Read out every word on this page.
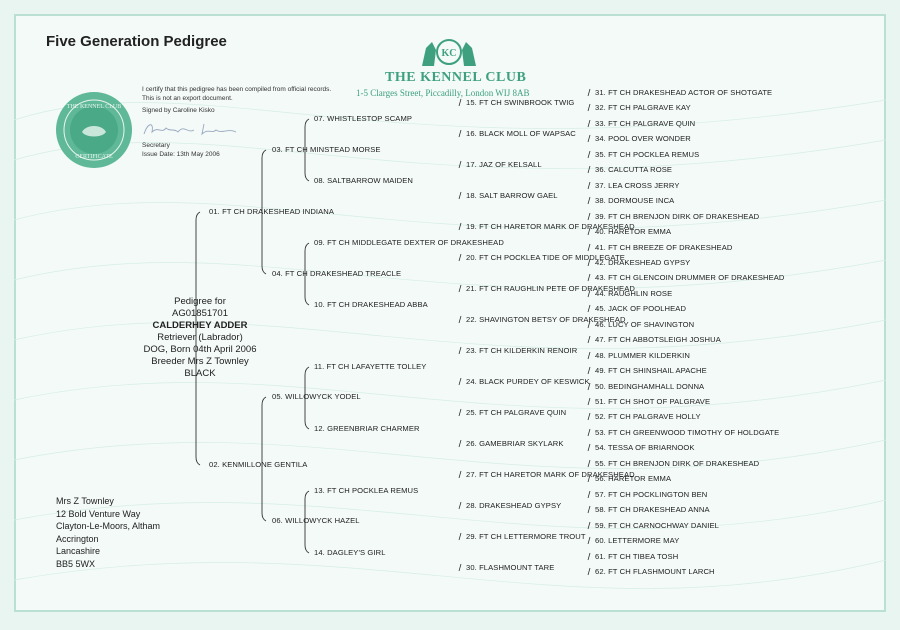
THE KENNEL CLUB
CERTIFICATE
KC
Five Generation Pedigree
THE KENNEL CLUB
1-5 Clarges Street, Piccadilly, London WIJ 8AB
I certify that this pedigree has been compiled from official records. This is not an export document.
Signed by Caroline Kisko
Secretary
Issue Date: 13th May 2006
Pedigree for
AG01851701
CALDERHEY ADDER
Retriever (Labrador)
DOG, Born 04th April 2006
Breeder Mrs Z Townley
BLACK
Mrs Z Townley
12 Bold Venture Way
Clayton-Le-Moors, Altham
Accrington
Lancashire
BB5 5WX
01. FT CH DRAKESHEAD INDIANA
02. KENMILLONE GENTILA
03. FT CH MINSTEAD MORSE
04. FT CH DRAKESHEAD TREACLE
05. WILLOWYCK YODEL
06. WILLOWYCK HAZEL
07. WHISTLESTOP SCAMP
08. SALTBARROW MAIDEN
09. FT CH MIDDLEGATE DEXTER OF DRAKESHEAD
10. FT CH DRAKESHEAD ABBA
11. FT CH LAFAYETTE TOLLEY
12. GREENBRIAR CHARMER
13. FT CH POCKLEA REMUS
14. DAGLEY'S GIRL
15. FT CH SWINBROOK TWIG
16. BLACK MOLL OF WAPSAC
17. JAZ OF KELSALL
18. SALT BARROW GAEL
19. FT CH HARETOR MARK OF DRAKESHEAD
20. FT CH POCKLEA TIDE OF MIDDLEGATE
21. FT CH RAUGHLIN PETE OF DRAKESHEAD
22. SHAVINGTON BETSY OF DRAKESHEAD
23. FT CH KILDERKIN RENOIR
24. BLACK PURDEY OF KESWICK
25. FT CH PALGRAVE QUIN
26. GAMEBRIAR SKYLARK
27. FT CH HARETOR MARK OF DRAKESHEAD
28. DRAKESHEAD GYPSY
29. FT CH LETTERMORE TROUT
30. FLASHMOUNT TARE
31. FT CH DRAKESHEAD ACTOR OF SHOTGATE
32. FT CH PALGRAVE KAY
33. FT CH PALGRAVE QUIN
34. POOL OVER WONDER
35. FT CH POCKLEA REMUS
36. CALCUTTA ROSE
37. LEA CROSS JERRY
38. DORMOUSE INCA
39. FT CH BRENJON DIRK OF DRAKESHEAD
40. HARETOR EMMA
41. FT CH BREEZE OF DRAKESHEAD
42. DRAKESHEAD GYPSY
43. FT CH GLENCOIN DRUMMER OF DRAKESHEAD
44. RAUGHLIN ROSE
45. JACK OF POOLHEAD
46. LUCY OF SHAVINGTON
47. FT CH ABBOTSLEIGH JOSHUA
48. PLUMMER KILDERKIN
49. FT CH SHINSHAIL APACHE
50. BEDINGHAMHALL DONNA
51. FT CH SHOT OF PALGRAVE
52. FT CH PALGRAVE HOLLY
53. FT CH GREENWOOD TIMOTHY OF HOLDGATE
54. TESSA OF BRIARNOOK
55. FT CH BRENJON DIRK OF DRAKESHEAD
56. HARETOR EMMA
57. FT CH POCKLINGTON BEN
58. FT CH DRAKESHEAD ANNA
59. FT CH CARNOCHWAY DANIEL
60. LETTERMORE MAY
61. FT CH TIBEA TOSH
62. FT CH FLASHMOUNT LARCH
